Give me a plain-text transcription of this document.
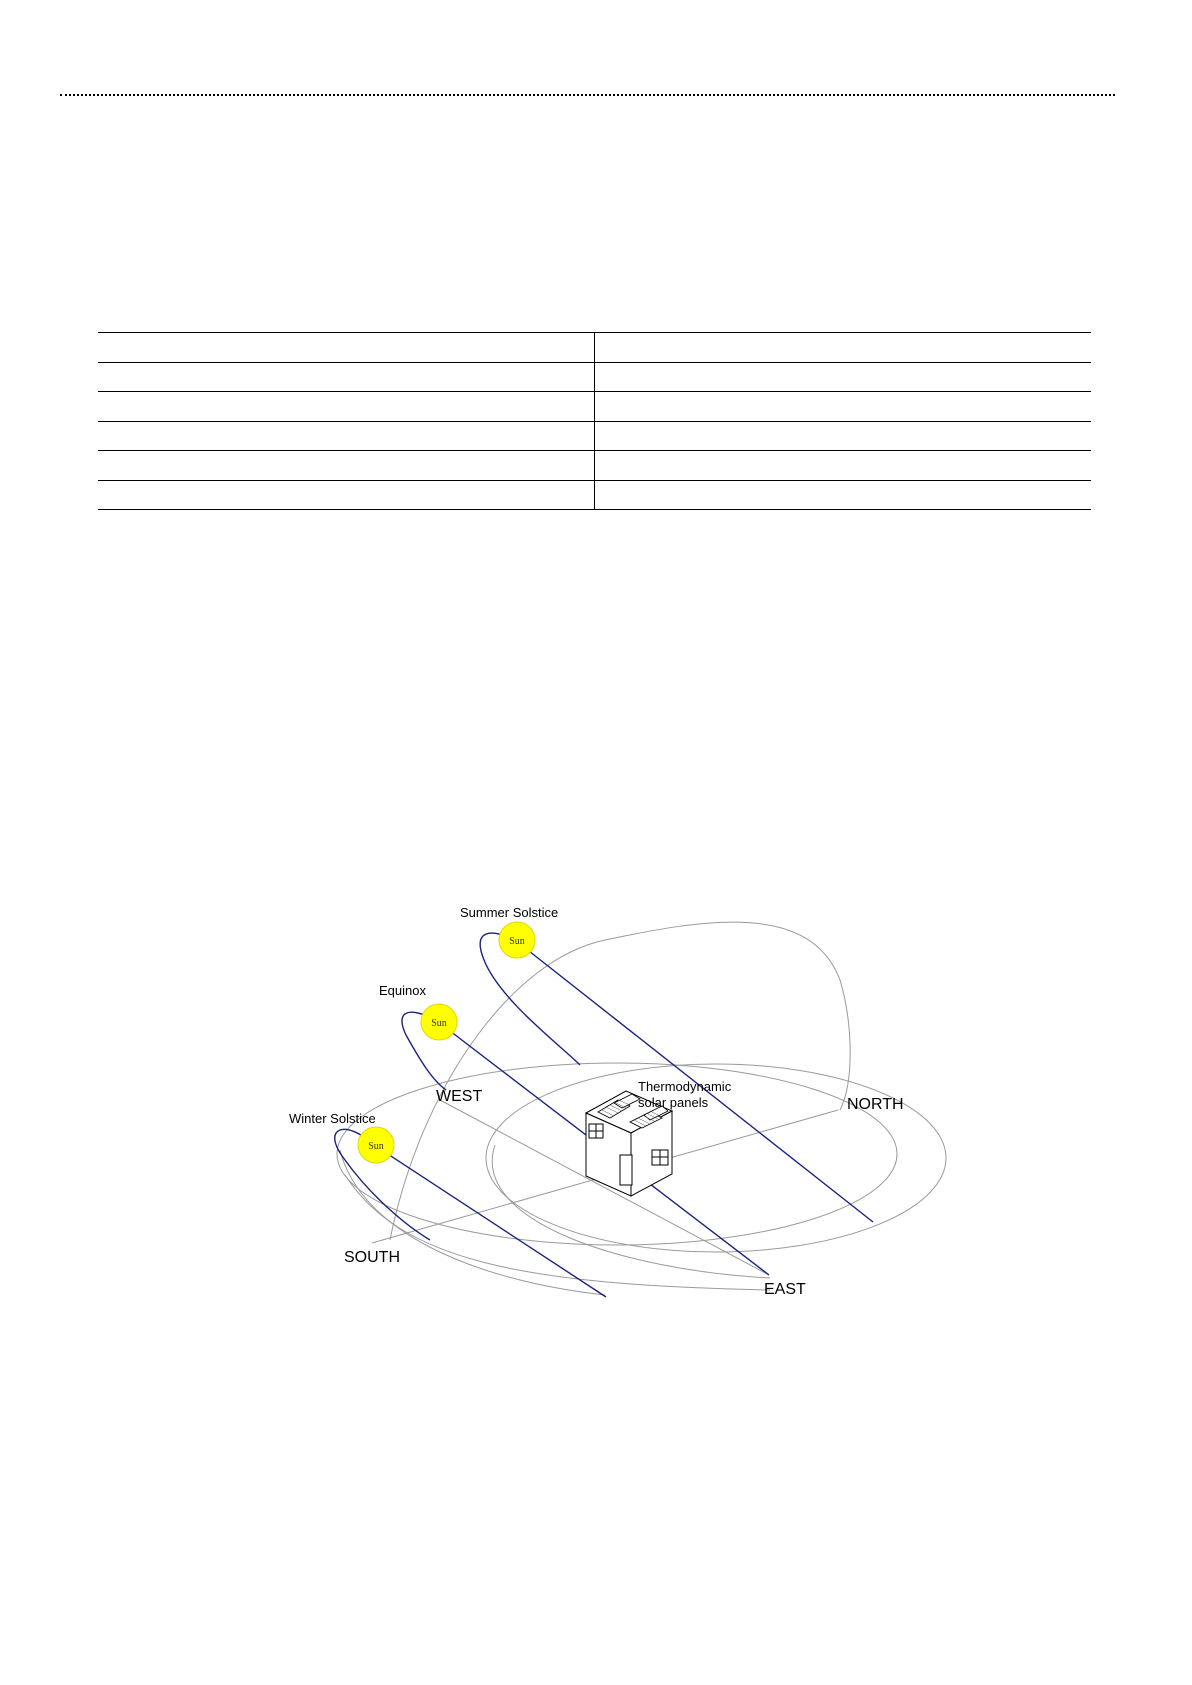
Sun
Sun
Sun
Summer Solstice
Equinox
Winter Solstice
WEST	NORTH
SOUTH
EAST
Thermodynamic
solar panels
